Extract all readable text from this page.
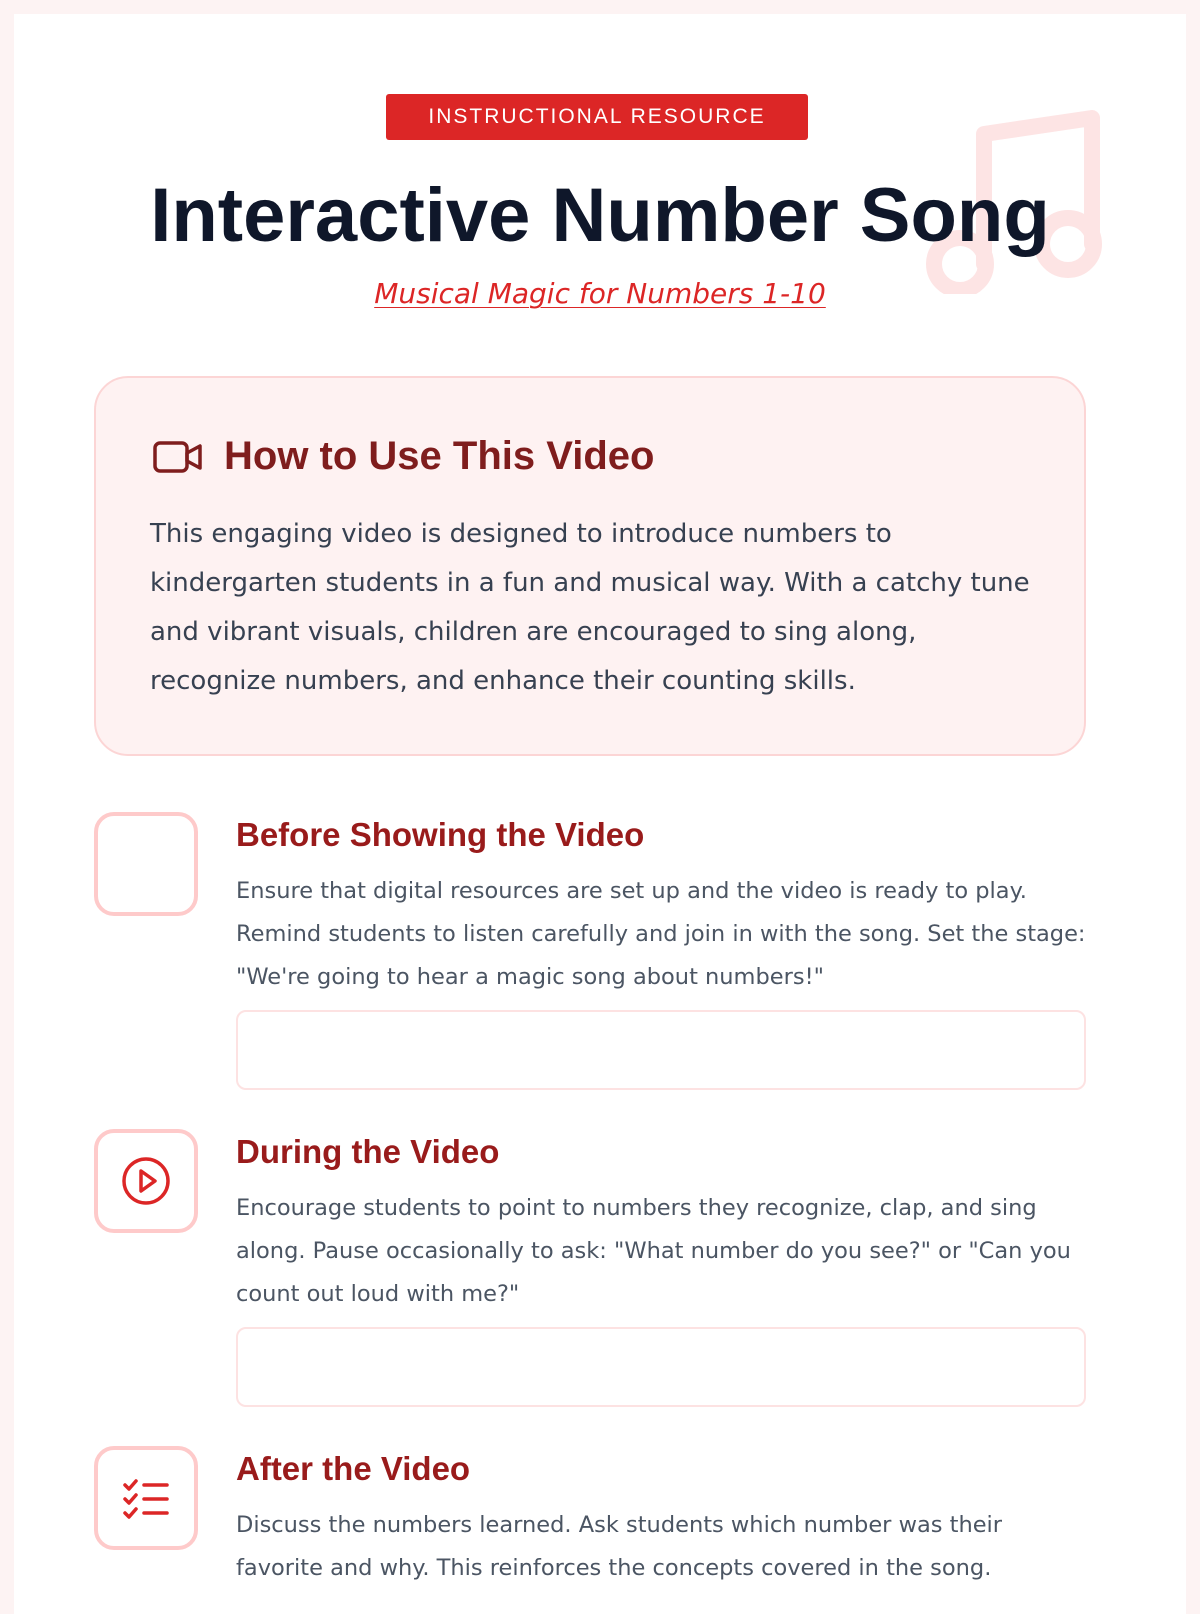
INSTRUCTIONAL RESOURCE
Interactive Number Song
Musical Magic for Numbers 1-10
How to Use This Video

This engaging video is designed to introduce numbers to kindergarten students in a fun and musical way. With a catchy tune and vibrant visuals, children are encouraged to sing along, recognize numbers, and enhance their counting skills.

Before Showing the Video

Ensure that digital resources are set up and the video is ready to play. Remind students to listen carefully and join in with the song. Set the stage: "We're going to hear a magic song about numbers!"

During the Video

Encourage students to point to numbers they recognize, clap, and sing along. Pause occasionally to ask: "What number do you see?" or "Can you count out loud with me?"

After the Video

Discuss the numbers learned. Ask students which number was their favorite and why. This reinforces the concepts covered in the song.
